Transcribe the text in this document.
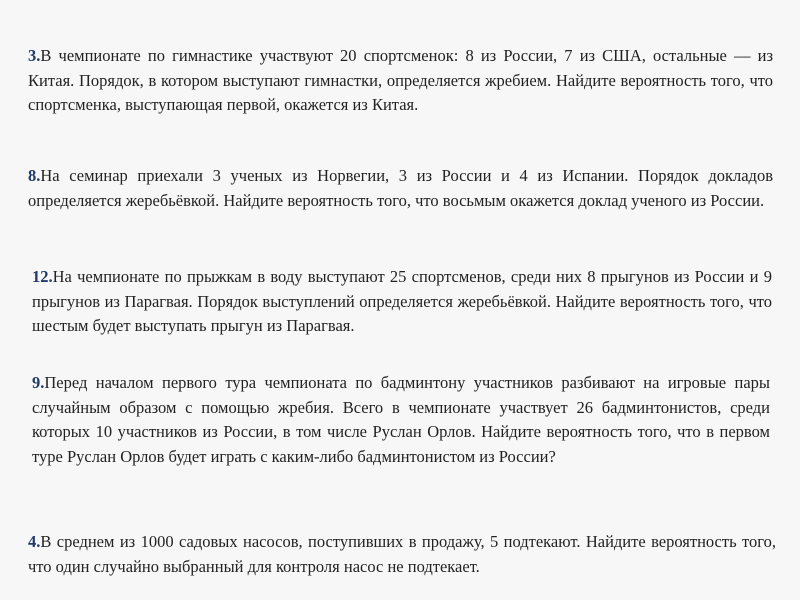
3.В чемпионате по гимнастике участвуют 20 спортсменок: 8 из России, 7 из США, остальные — из Китая. Порядок, в котором выступают гимнастки, определяется жребием. Найдите вероятность того, что спортсменка, выступающая первой, окажется из Китая.

8.На семинар приехали 3 ученых из Норвегии, 3 из России и 4 из Испании. Порядок докладов определяется жеребьёвкой. Найдите вероятность того, что восьмым окажется доклад ученого из России.

12.На чемпионате по прыжкам в воду выступают 25 спортсменов, среди них 8 прыгунов из России и 9 прыгунов из Парагвая. Порядок выступлений определяется жеребьёвкой. Найдите вероятность того, что шестым будет выступать прыгун из Парагвая.

9.Перед началом первого тура чемпионата по бадминтону участников разбивают на игровые пары случайным образом с помощью жребия. Всего в чемпионате участвует 26 бадминтонистов, среди которых 10 участников из России, в том числе Руслан Орлов. Найдите вероятность того, что в первом туре Руслан Орлов будет играть с каким-либо бадминтонистом из России?

4.В среднем из 1000 садовых насосов, поступивших в продажу, 5 подтекают. Найдите вероятность того, что один случайно выбранный для контроля насос не подтекает.
